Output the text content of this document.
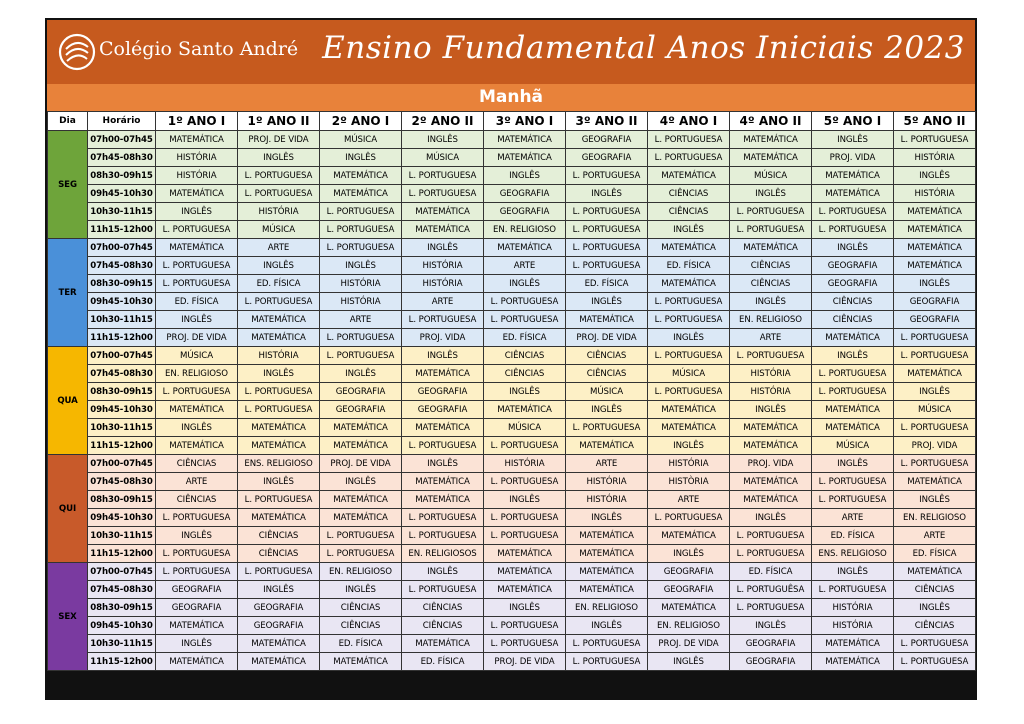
Colégio Santo André Ensino Fundamental Anos Iniciais 2023
Manhã
Dia	Horário	1º ANO I	1º ANO II	2º ANO I	2º ANO II	3º ANO I	3º ANO II	4º ANO I	4º ANO II	5º ANO I	5º ANO II
SEG	07h00-07h45	MATEMÁTICA	PROJ. DE VIDA	MÚSICA	INGLÊS	MATEMÁTICA	GEOGRAFIA	L. PORTUGUESA	MATEMÁTICA	INGLÊS	L. PORTUGUESA
	07h45-08h30	HISTÓRIA	INGLÊS	INGLÊS	MÚSICA	MATEMÁTICA	GEOGRAFIA	L. PORTUGUESA	MATEMÁTICA	PROJ. VIDA	HISTÓRIA
	08h30-09h15	HISTÓRIA	L. PORTUGUESA	MATEMÁTICA	L. PORTUGUESA	INGLÊS	L. PORTUGUESA	MATEMÁTICA	MÚSICA	MATEMÁTICA	INGLÊS
	09h45-10h30	MATEMÁTICA	L. PORTUGUESA	MATEMÁTICA	L. PORTUGUESA	GEOGRAFIA	INGLÊS	CIÊNCIAS	INGLÊS	MATEMÁTICA	HISTÓRIA
	10h30-11h15	INGLÊS	HISTÓRIA	L. PORTUGUESA	MATEMÁTICA	GEOGRAFIA	L. PORTUGUESA	CIÊNCIAS	L. PORTUGUESA	L. PORTUGUESA	MATEMÁTICA
	11h15-12h00	L. PORTUGUESA	MÚSICA	L. PORTUGUESA	MATEMÁTICA	EN. RELIGIOSO	L. PORTUGUESA	INGLÊS	L. PORTUGUESA	L. PORTUGUESA	MATEMÁTICA
TER	07h00-07h45	MATEMÁTICA	ARTE	L. PORTUGUESA	INGLÊS	MATEMÁTICA	L. PORTUGUESA	MATEMÁTICA	MATEMÁTICA	INGLÊS	MATEMÁTICA
	07h45-08h30	L. PORTUGUESA	INGLÊS	INGLÊS	HISTÓRIA	ARTE	L. PORTUGUESA	ED. FÍSICA	CIÊNCIAS	GEOGRAFIA	MATEMÁTICA
	08h30-09h15	L. PORTUGUESA	ED. FÍSICA	HISTÓRIA	HISTÓRIA	INGLÊS	ED. FÍSICA	MATEMÁTICA	CIÊNCIAS	GEOGRAFIA	INGLÊS
	09h45-10h30	ED. FÍSICA	L. PORTUGUESA	HISTÓRIA	ARTE	L. PORTUGUESA	INGLÊS	L. PORTUGUESA	INGLÊS	CIÊNCIAS	GEOGRAFIA
	10h30-11h15	INGLÊS	MATEMÁTICA	ARTE	L. PORTUGUESA	L. PORTUGUESA	MATEMÁTICA	L. PORTUGUESA	EN. RELIGIOSO	CIÊNCIAS	GEOGRAFIA
	11h15-12h00	PROJ. DE VIDA	MATEMÁTICA	L. PORTUGUESA	PROJ. VIDA	ED. FÍSICA	PROJ. DE VIDA	INGLÊS	ARTE	MATEMÁTICA	L. PORTUGUESA
QUA	07h00-07h45	MÚSICA	HISTÓRIA	L. PORTUGUESA	INGLÊS	CIÊNCIAS	CIÊNCIAS	L. PORTUGUESA	L. PORTUGUESA	INGLÊS	L. PORTUGUESA
	07h45-08h30	EN. RELIGIOSO	INGLÊS	INGLÊS	MATEMÁTICA	CIÊNCIAS	CIÊNCIAS	MÚSICA	HISTÓRIA	L. PORTUGUESA	MATEMÁTICA
	08h30-09h15	L. PORTUGUESA	L. PORTUGUESA	GEOGRAFIA	GEOGRAFIA	INGLÊS	MÚSICA	L. PORTUGUESA	HISTÓRIA	L. PORTUGUESA	INGLÊS
	09h45-10h30	MATEMÁTICA	L. PORTUGUESA	GEOGRAFIA	GEOGRAFIA	MATEMÁTICA	INGLÊS	MATEMÁTICA	INGLÊS	MATEMÁTICA	MÚSICA
	10h30-11h15	INGLÊS	MATEMÁTICA	MATEMÁTICA	MATEMÁTICA	MÚSICA	L. PORTUGUESA	MATEMÁTICA	MATEMÁTICA	MATEMÁTICA	L. PORTUGUESA
	11h15-12h00	MATEMÁTICA	MATEMÁTICA	MATEMÁTICA	L. PORTUGUESA	L. PORTUGUESA	MATEMÁTICA	INGLÊS	MATEMÁTICA	MÚSICA	PROJ. VIDA
QUI	07h00-07h45	CIÊNCIAS	ENS. RELIGIOSO	PROJ. DE VIDA	INGLÊS	HISTÓRIA	ARTE	HISTÓRIA	PROJ. VIDA	INGLÊS	L. PORTUGUESA
	07h45-08h30	ARTE	INGLÊS	INGLÊS	MATEMÁTICA	L. PORTUGUESA	HISTÓRIA	HISTÒRIA	MATEMÁTICA	L. PORTUGUESA	MATEMÁTICA
	08h30-09h15	CIÊNCIAS	L. PORTUGUESA	MATEMÁTICA	MATEMÁTICA	INGLÊS	HISTÓRIA	ARTE	MATEMÁTICA	L. PORTUGUESA	INGLÊS
	09h45-10h30	L. PORTUGUESA	MATEMÁTICA	MATEMÁTICA	L. PORTUGUESA	L. PORTUGUESA	INGLÊS	L. PORTUGUESA	INGLÊS	ARTE	EN. RELIGIOSO
	10h30-11h15	INGLÊS	CIÊNCIAS	L. PORTUGUESA	L. PORTUGUESA	L. PORTUGUESA	MATEMÁTICA	MATEMÁTICA	L. PORTUGUESA	ED. FÍSICA	ARTE
	11h15-12h00	L. PORTUGUESA	CIÊNCIAS	L. PORTUGUESA	EN. RELIGIOSOS	MATEMÁTICA	MATEMÁTICA	INGLÊS	L. PORTUGUESA	ENS. RELIGIOSO	ED. FÍSICA
SEX	07h00-07h45	L. PORTUGUESA	L. PORTUGUESA	EN. RELIGIOSO	INGLÊS	MATEMÁTICA	MATEMÁTICA	GEOGRAFIA	ED. FÍSICA	INGLÊS	MATEMÁTICA
	07h45-08h30	GEOGRAFIA	INGLÊS	INGLÊS	L. PORTUGUESA	MATEMÁTICA	MATEMÁTICA	GEOGRAFIA	L. PORTUGUÊSA	L. PORTUGUESA	CIÊNCIAS
	08h30-09h15	GEOGRAFIA	GEOGRAFIA	CIÊNCIAS	CIÊNCIAS	INGLÊS	EN. RELIGIOSO	MATEMÁTICA	L. PORTUGUESA	HISTÓRIA	INGLÊS
	09h45-10h30	MATEMÁTICA	GEOGRAFIA	CIÊNCIAS	CIÊNCIAS	L. PORTUGUESA	INGLÊS	EN. RELIGIOSO	INGLÊS	HISTÓRIA	CIÊNCIAS
	10h30-11h15	INGLÊS	MATEMÁTICA	ED. FÍSICA	MATEMÁTICA	L. PORTUGUESA	L. PORTUGUESA	PROJ. DE VIDA	GEOGRAFIA	MATEMÁTICA	L. PORTUGUESA
	11h15-12h00	MATEMÁTICA	MATEMÁTICA	MATEMÁTICA	ED. FÍSICA	PROJ. DE VIDA	L. PORTUGUESA	INGLÊS	GEOGRAFIA	MATEMÁTICA	L. PORTUGUESA
